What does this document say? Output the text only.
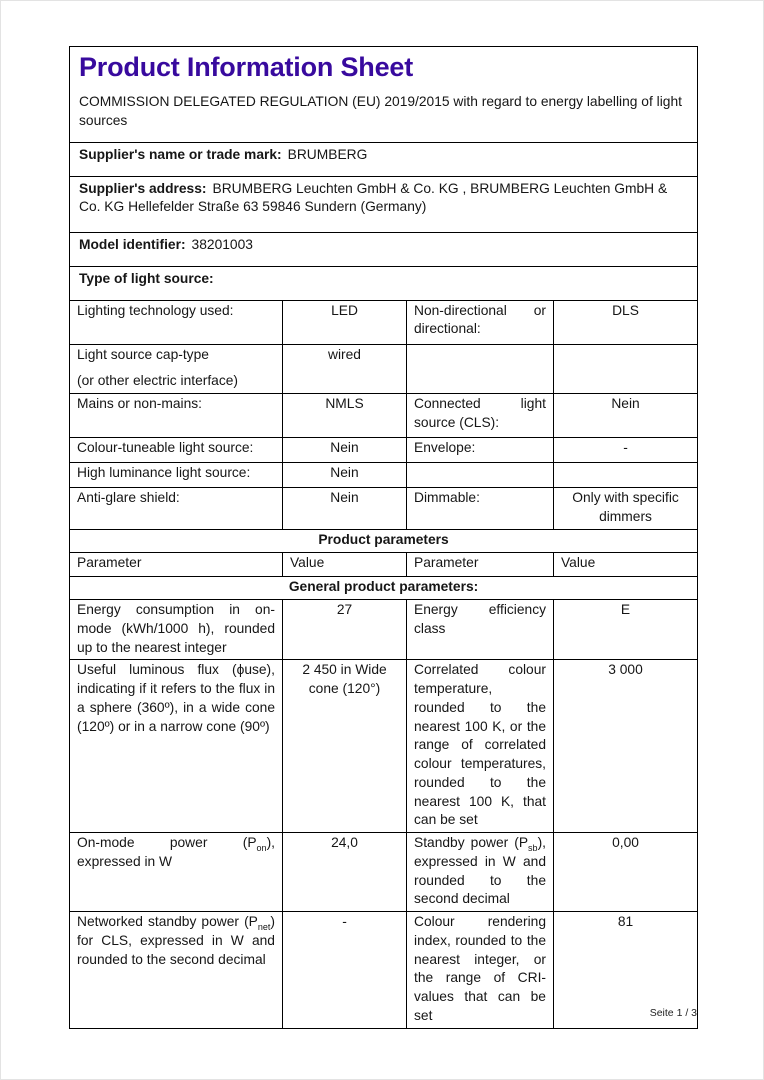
Product Information Sheet

COMMISSION DELEGATED REGULATION (EU) 2019/2015 with regard to energy labelling of light sources

Supplier's name or trade mark: BRUMBERG			
Supplier's address: BRUMBERG Leuchten GmbH & Co. KG , BRUMBERG Leuchten GmbH & Co. KG Hellefelder Straße 63 59846 Sundern (Germany)			
Model identifier: 38201003			
Type of light source:			
Lighting technology used:	LED	Non-directional or directional:	DLS

Light source cap-type
(or other electric interface)	wired		
Mains or non-mains:	NMLS	Connected light source (CLS):	Nein
Colour-tuneable light source:	Nein	Envelope:	-
High luminance light source:	Nein		
Anti-glare shield:	Nein	Dimmable:	Only with specific dimmers

Product parameters			
Parameter	Value	Parameter	Value
General product parameters:			
Energy consumption in on-mode (kWh/1000 h), rounded up to the nearest integer	27	Energy efficiency class	E
Useful luminous flux (ϕuse), indicating if it refers to the flux in a sphere (360º), in a wide cone (120º) or in a narrow cone (90º)	2 450 in Wide cone (120°)	Correlated colour temperature, rounded to the nearest 100 K, or the range of correlated colour temperatures, rounded to the nearest 100 K, that can be set	3 000
On-mode power $(P_{on})$, expressed in W	24,0	Standby power $(P_{sb})$, expressed in W and rounded to the second decimal	0,00
Networked standby power $(P_{net})$ for CLS, expressed in W and rounded to the second decimal	-	Colour rendering index, rounded to the nearest integer, or the range of CRI-values that can be set	81
Seite 1 / 3
